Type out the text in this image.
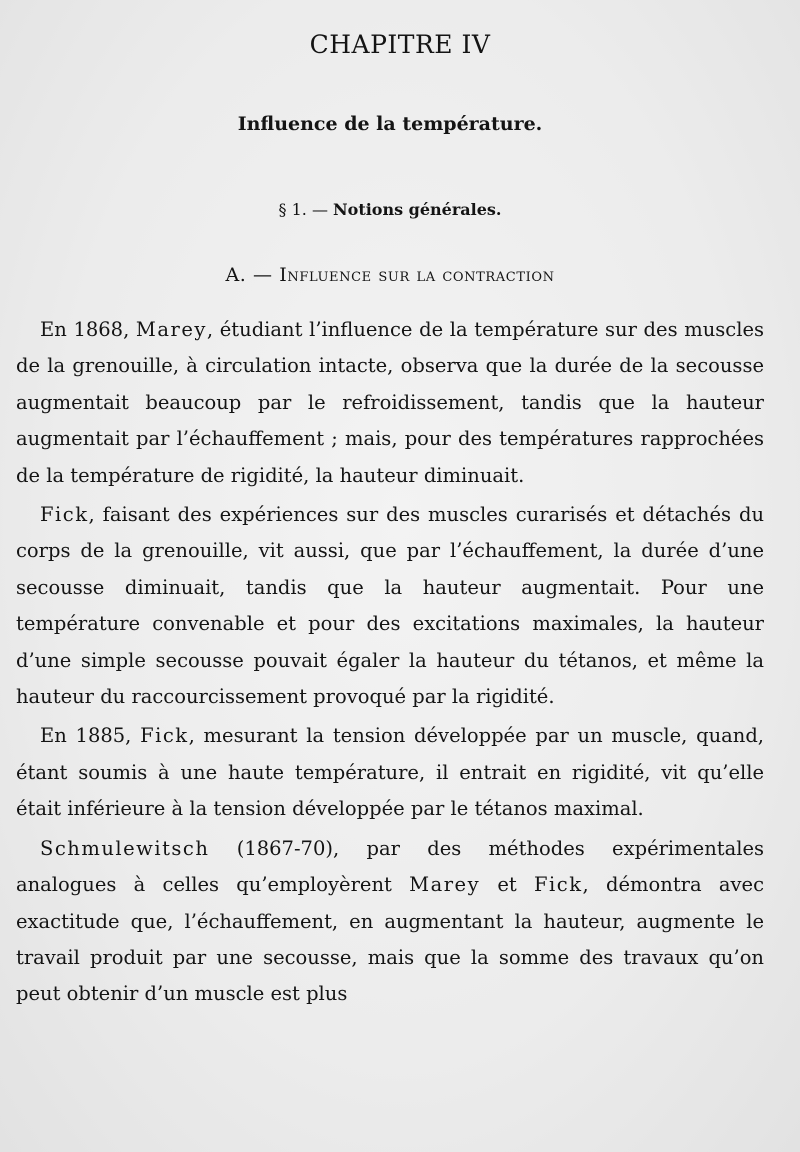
CHAPITRE IV
Influence de la température.
§ 1. — Notions générales.
A. — Influence sur la contraction

En 1868, Marey, étudiant l’influence de la température sur des muscles de la grenouille, à circulation intacte, observa que la durée de la secousse augmentait beaucoup par le refroidissement, tandis que la hauteur augmentait par l’échauffement ; mais, pour des températures rapprochées de la température de rigidité, la hauteur diminuait.

Fick, faisant des expériences sur des muscles curarisés et détachés du corps de la grenouille, vit aussi, que par l’échauffement, la durée d’une secousse diminuait, tandis que la hauteur augmentait. Pour une température convenable et pour des excitations maximales, la hauteur d’une simple secousse pouvait égaler la hauteur du tétanos, et même la hauteur du raccourcissement provoqué par la rigidité.

En 1885, Fick, mesurant la tension développée par un muscle, quand, étant soumis à une haute température, il entrait en rigidité, vit qu’elle était inférieure à la tension développée par le tétanos maximal.

Schmulewitsch (1867-70), par des méthodes expérimentales analogues à celles qu’employèrent Marey et Fick, démontra avec exactitude que, l’échauffement, en augmentant la hauteur, augmente le travail produit par une secousse, mais que la somme des travaux qu’on peut obtenir d’un muscle est plus
